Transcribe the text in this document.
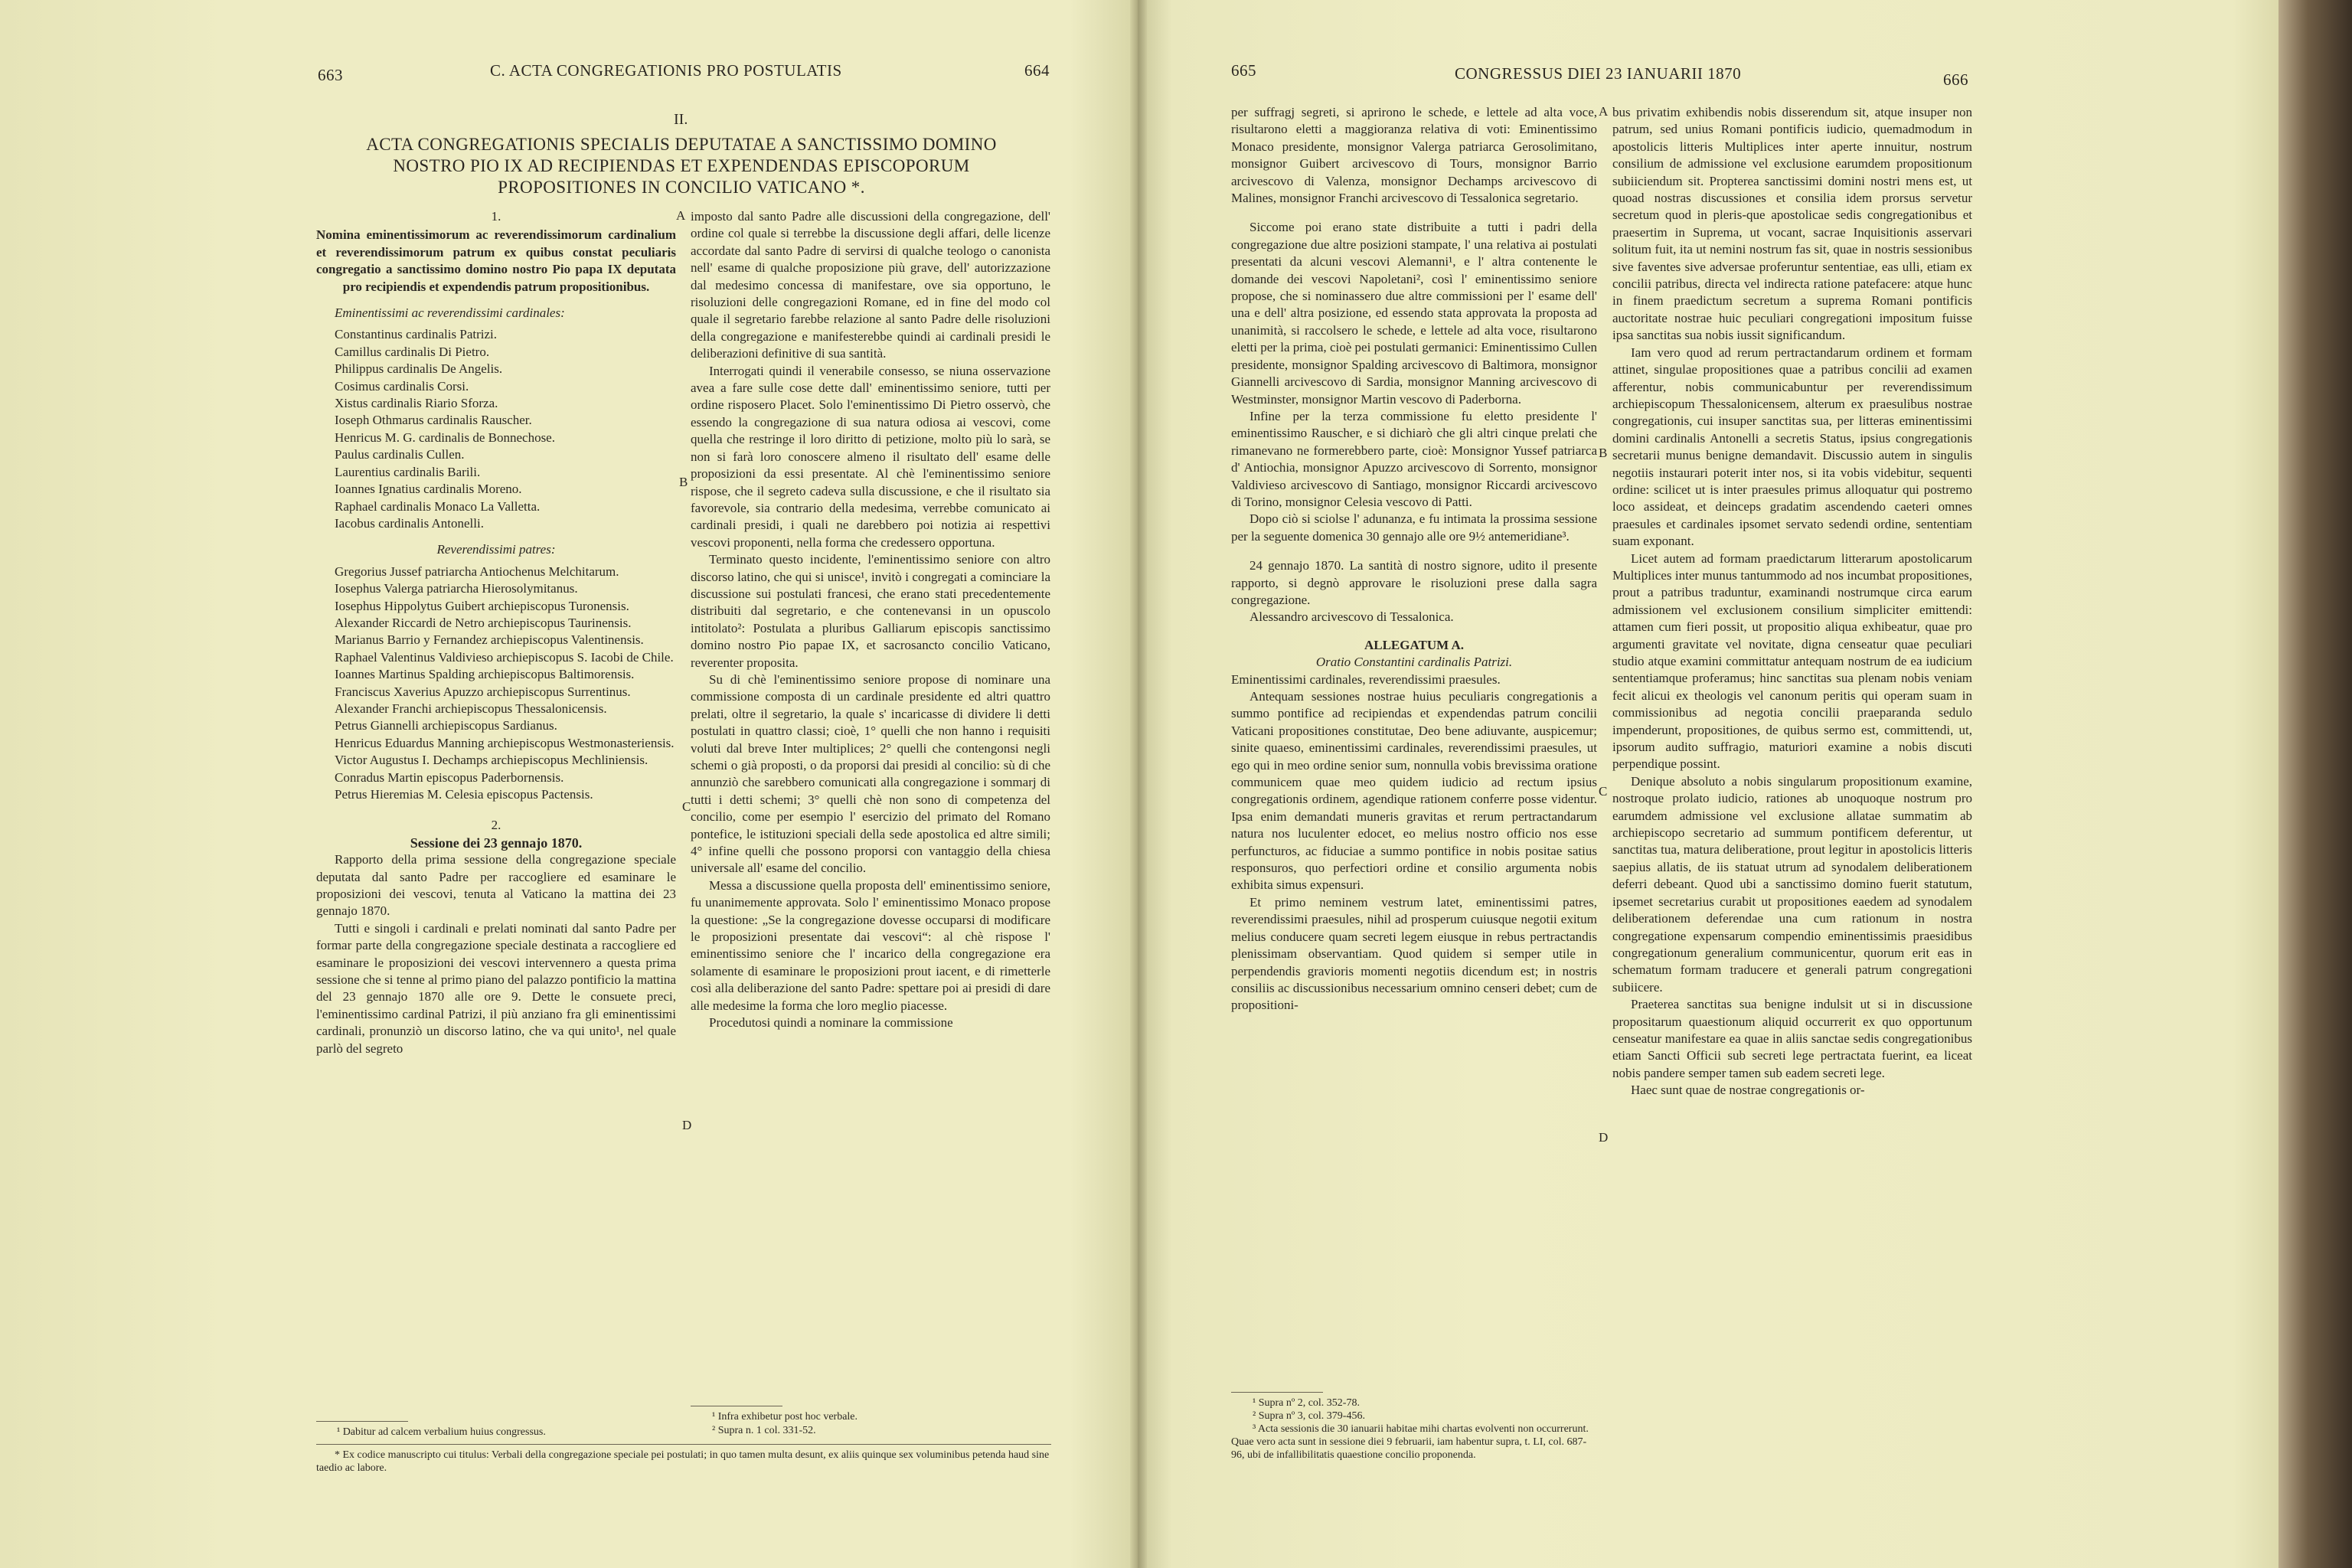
663	C. ACTA CONGREGATIONIS PRO POSTULATIS	664
II.
ACTA CONGREGATIONIS SPECIALIS DEPUTATAE A SANCTISSIMO DOMINO NOSTRO PIO IX AD RECIPIENDAS ET EXPENDENDAS EPISCOPORUM PROPOSITIONES IN CONCILIO VATICANO *.
1.
Nomina eminentissimorum ac reverendissimorum cardinalium et reverendissimorum patrum ex quibus constat peculiaris congregatio a sanctissimo domino nostro Pio papa IX deputata pro recipiendis et expendendis patrum propositionibus.
Eminentissimi ac reverendissimi cardinales:
Constantinus cardinalis Patrizi.
Camillus cardinalis Di Pietro.
Philippus cardinalis De Angelis.
Cosimus cardinalis Corsi.
Xistus cardinalis Riario Sforza.
Ioseph Othmarus cardinalis Rauscher.
Henricus M. G. cardinalis de Bonnechose.
Paulus cardinalis Cullen.
Laurentius cardinalis Barili.
Ioannes Ignatius cardinalis Moreno.
Raphael cardinalis Monaco La Valletta.
Iacobus cardinalis Antonelli.
Reverendissimi patres:
Gregorius Jussef patriarcha Antiochenus Melchitarum.
Iosephus Valerga patriarcha Hierosolymitanus.
Iosephus Hippolytus Guibert archiepiscopus Turonensis.
Alexander Riccardi de Netro archiepiscopus Taurinensis.
Marianus Barrio y Fernandez archiepiscopus Valentinensis.
Raphael Valentinus Valdivieso archiepiscopus S. Iacobi de Chile.
Ioannes Martinus Spalding archiepiscopus Baltimorensis.
Franciscus Xaverius Apuzzo archiepiscopus Surrentinus.
Alexander Franchi archiepiscopus Thessalonicensis.
Petrus Giannelli archiepiscopus Sardianus.
Henricus Eduardus Manning archiepiscopus Westmonasteriensis.
Victor Augustus I. Dechamps archiepiscopus Mechliniensis.
Conradus Martin episcopus Paderbornensis.
Petrus Hieremias M. Celesia episcopus Pactensis.
2.
Sessione dei 23 gennajo 1870.

Rapporto della prima sessione della congregazione speciale deputata dal santo Padre per raccogliere ed esaminare le proposizioni dei vescovi, tenuta al Vaticano la mattina dei 23 gennajo 1870.

Tutti e singoli i cardinali e prelati nominati dal santo Padre per formar parte della congregazione speciale destinata a raccogliere ed esaminare le proposizioni dei vescovi intervennero a questa prima sessione che si tenne al primo piano del palazzo pontificio la mattina del 23 gennajo 1870 alle ore 9. Dette le consuete preci, l'eminentissimo cardinal Patrizi, il più anziano fra gli eminentissimi cardinali, pronunziò un discorso latino, che va qui unito¹, nel quale parlò del segreto

¹ Dabitur ad calcem verbalium huius congressus.
A
B
C
D

imposto dal santo Padre alle discussioni della congregazione, dell' ordine col quale si terrebbe la discussione degli affari, delle licenze accordate dal santo Padre di servirsi di qualche teologo o canonista nell' esame di qualche proposizione più grave, dell' autorizzazione dal medesimo concessa di manifestare, ove sia opportuno, le risoluzioni delle congregazioni Romane, ed in fine del modo col quale il segretario farebbe relazione al santo Padre delle risoluzioni della congregazione e manifesterebbe quindi ai cardinali presidi le deliberazioni definitive di sua santità.

Interrogati quindi il venerabile consesso, se niuna osservazione avea a fare sulle cose dette dall' eminentissimo seniore, tutti per ordine risposero Placet. Solo l'eminentissimo Di Pietro osservò, che essendo la congregazione di sua natura odiosa ai vescovi, come quella che restringe il loro diritto di petizione, molto più lo sarà, se non si farà loro conoscere almeno il risultato dell' esame delle proposizioni da essi presentate. Al chè l'eminentissimo seniore rispose, che il segreto cadeva sulla discussione, e che il risultato sia favorevole, sia contrario della medesima, verrebbe comunicato ai cardinali presidi, i quali ne darebbero poi notizia ai respettivi vescovi proponenti, nella forma che credessero opportuna.

Terminato questo incidente, l'eminentissimo seniore con altro discorso latino, che qui si unisce¹, invitò i congregati a cominciare la discussione sui postulati francesi, che erano stati precedentemente distribuiti dal segretario, e che contenevansi in un opuscolo intitolato²: Postulata a pluribus Galliarum episcopis sanctissimo domino nostro Pio papae IX, et sacrosancto concilio Vaticano, reverenter proposita.

Su di chè l'eminentissimo seniore propose di nominare una commissione composta di un cardinale presidente ed altri quattro prelati, oltre il segretario, la quale s' incaricasse di dividere li detti postulati in quattro classi; cioè, 1° quelli che non hanno i requisiti voluti dal breve Inter multiplices; 2° quelli che contengonsi negli schemi o già proposti, o da proporsi dai presidi al concilio: sù di che annunziò che sarebbero comunicati alla congregazione i sommarj di tutti i detti schemi; 3° quelli chè non sono di competenza del concilio, come per esempio l' esercizio del primato del Romano pontefice, le istituzioni speciali della sede apostolica ed altre simili; 4° infine quelli che possono proporsi con vantaggio della chiesa universale all' esame del concilio.

Messa a discussione quella proposta dell' eminentissimo seniore, fu unanimemente approvata. Solo l' eminentissimo Monaco propose la questione: „Se la congregazione dovesse occuparsi di modificare le proposizioni presentate dai vescovi“: al chè rispose l' eminentissimo seniore che l' incarico della congregazione era solamente di esaminare le proposizioni prout iacent, e di rimetterle così alla deliberazione del santo Padre: spettare poi ai presidi di dare alle medesime la forma che loro meglio piacesse.

Procedutosi quindi a nominare la commissione

¹ Infra exhibetur post hoc verbale.
² Supra n. 1 col. 331-52.
* Ex codice manuscripto cui titulus: Verbali della congregazione speciale pei postulati; in quo tamen multa desunt, ex aliis quinque sex voluminibus petenda haud sine taedio ac labore.
665	CONGRESSUS DIEI 23 IANUARII 1870	666

per suffragj segreti, si aprirono le schede, e lettele ad alta voce, risultarono eletti a maggioranza relativa di voti: Eminentissimo Monaco presidente, monsignor Valerga patriarca Gerosolimitano, monsignor Guibert arcivescovo di Tours, monsignor Barrio arcivescovo di Valenza, monsignor Dechamps arcivescovo di Malines, monsignor Franchi arcivescovo di Tessalonica segretario.

Siccome poi erano state distribuite a tutti i padri della congregazione due altre posizioni stampate, l' una relativa ai postulati presentati da alcuni vescovi Alemanni¹, e l' altra contenente le domande dei vescovi Napoletani², così l' eminentissimo seniore propose, che si nominassero due altre commissioni per l' esame dell' una e dell' altra posizione, ed essendo stata approvata la proposta ad unanimità, si raccolsero le schede, e lettele ad alta voce, risultarono eletti per la prima, cioè pei postulati germanici: Eminentissimo Cullen presidente, monsignor Spalding arcivescovo di Baltimora, monsignor Giannelli arcivescovo di Sardia, monsignor Manning arcivescovo di Westminster, monsignor Martin vescovo di Paderborna.

Infine per la terza commissione fu eletto presidente l' eminentissimo Rauscher, e si dichiarò che gli altri cinque prelati che rimanevano ne formerebbero parte, cioè: Monsignor Yussef patriarca d' Antiochia, monsignor Apuzzo arcivescovo di Sorrento, monsignor Valdivieso arcivescovo di Santiago, monsignor Riccardi arcivescovo di Torino, monsignor Celesia vescovo di Patti.

Dopo ciò si sciolse l' adunanza, e fu intimata la prossima sessione per la seguente domenica 30 gennajo alle ore 9½ antemeridiane³.

24 gennajo 1870. La santità di nostro signore, udito il presente rapporto, si degnò approvare le risoluzioni prese dalla sagra congregazione.

Alessandro arcivescovo di Tessalonica.
ALLEGATUM A.
Oratio Constantini cardinalis Patrizi.
Eminentissimi cardinales, reverendissimi praesules.

Antequam sessiones nostrae huius peculiaris congregationis a summo pontifice ad recipiendas et expendendas patrum concilii Vaticani propositiones constitutae, Deo bene adiuvante, auspicemur; sinite quaeso, eminentissimi cardinales, reverendissimi praesules, ut ego qui in meo ordine senior sum, nonnulla vobis brevissima oratione communicem quae meo quidem iudicio ad rectum ipsius congregationis ordinem, agendique rationem conferre posse videntur. Ipsa enim demandati muneris gravitas et rerum pertractandarum natura nos luculenter edocet, eo melius nostro officio nos esse perfuncturos, ac fiduciae a summo pontifice in nobis positae satius responsuros, quo perfectiori ordine et consilio argumenta nobis exhibita simus expensuri.

Et primo neminem vestrum latet, eminentissimi patres, reverendissimi praesules, nihil ad prosperum cuiusque negotii exitum melius conducere quam secreti legem eiusque in rebus pertractandis plenissimam observantiam. Quod quidem si semper utile in perpendendis gravioris momenti negotiis dicendum est; in nostris consiliis ac discussionibus necessarium omnino censeri debet; cum de propositioni-

¹ Supra nº 2, col. 352-78.
² Supra nº 3, col. 379-456.
³ Acta sessionis die 30 ianuarii habitae mihi chartas evolventi non occurrerunt. Quae vero acta sunt in sessione diei 9 februarii, iam habentur supra, t. LI, col. 687-96, ubi de infallibilitatis quaestione concilio proponenda.
A
B
C
D

bus privatim exhibendis nobis disserendum sit, atque insuper non patrum, sed unius Romani pontificis iudicio, quemadmodum in apostolicis litteris Multiplices inter aperte innuitur, nostrum consilium de admissione vel exclusione earumdem propositionum subiiciendum sit. Propterea sanctissimi domini nostri mens est, ut quoad nostras discussiones et consilia idem prorsus servetur secretum quod in pleris-que apostolicae sedis congregationibus et praesertim in Suprema, ut vocant, sacrae Inquisitionis asservari solitum fuit, ita ut nemini nostrum fas sit, quae in nostris sessionibus sive faventes sive adversae proferuntur sententiae, eas ulli, etiam ex concilii patribus, directa vel indirecta ratione patefacere: atque hunc in finem praedictum secretum a suprema Romani pontificis auctoritate nostrae huic peculiari congregationi impositum fuisse ipsa sanctitas sua nobis iussit significandum.

Iam vero quod ad rerum pertractandarum ordinem et formam attinet, singulae propositiones quae a patribus concilii ad examen afferentur, nobis communicabuntur per reverendissimum archiepiscopum Thessalonicensem, alterum ex praesulibus nostrae congregationis, cui insuper sanctitas sua, per litteras eminentissimi domini cardinalis Antonelli a secretis Status, ipsius congregationis secretarii munus benigne demandavit. Discussio autem in singulis negotiis instaurari poterit inter nos, si ita vobis videbitur, sequenti ordine: scilicet ut is inter praesules primus alloquatur qui postremo loco assideat, et deinceps gradatim ascendendo caeteri omnes praesules et cardinales ipsomet servato sedendi ordine, sententiam suam exponant.

Licet autem ad formam praedictarum litterarum apostolicarum Multiplices inter munus tantummodo ad nos incumbat propositiones, prout a patribus traduntur, examinandi nostrumque circa earum admissionem vel exclusionem consilium simpliciter emittendi: attamen cum fieri possit, ut propositio aliqua exhibeatur, quae pro argumenti gravitate vel novitate, digna censeatur quae peculiari studio atque examini committatur antequam nostrum de ea iudicium sententiamque proferamus; hinc sanctitas sua plenam nobis veniam fecit alicui ex theologis vel canonum peritis qui operam suam in commissionibus ad negotia concilii praeparanda sedulo impenderunt, propositiones, de quibus sermo est, committendi, ut, ipsorum audito suffragio, maturiori examine a nobis discuti perpendique possint.

Denique absoluto a nobis singularum propositionum examine, nostroque prolato iudicio, rationes ab unoquoque nostrum pro earumdem admissione vel exclusione allatae summatim ab archiepiscopo secretario ad summum pontificem deferentur, ut sanctitas tua, matura deliberatione, prout legitur in apostolicis litteris saepius allatis, de iis statuat utrum ad synodalem deliberationem deferri debeant. Quod ubi a sanctissimo domino fuerit statutum, ipsemet secretarius curabit ut propositiones eaedem ad synodalem deliberationem deferendae una cum rationum in nostra congregatione expensarum compendio eminentissimis praesidibus congregationum generalium communicentur, quorum erit eas in schematum formam traducere et generali patrum congregationi subiicere.

Praeterea sanctitas sua benigne indulsit ut si in discussione propositarum quaestionum aliquid occurrerit ex quo opportunum censeatur manifestare ea quae in aliis sanctae sedis congregationibus etiam Sancti Officii sub secreti lege pertractata fuerint, ea liceat nobis pandere semper tamen sub eadem secreti lege.

Haec sunt quae de nostrae congregationis or-
